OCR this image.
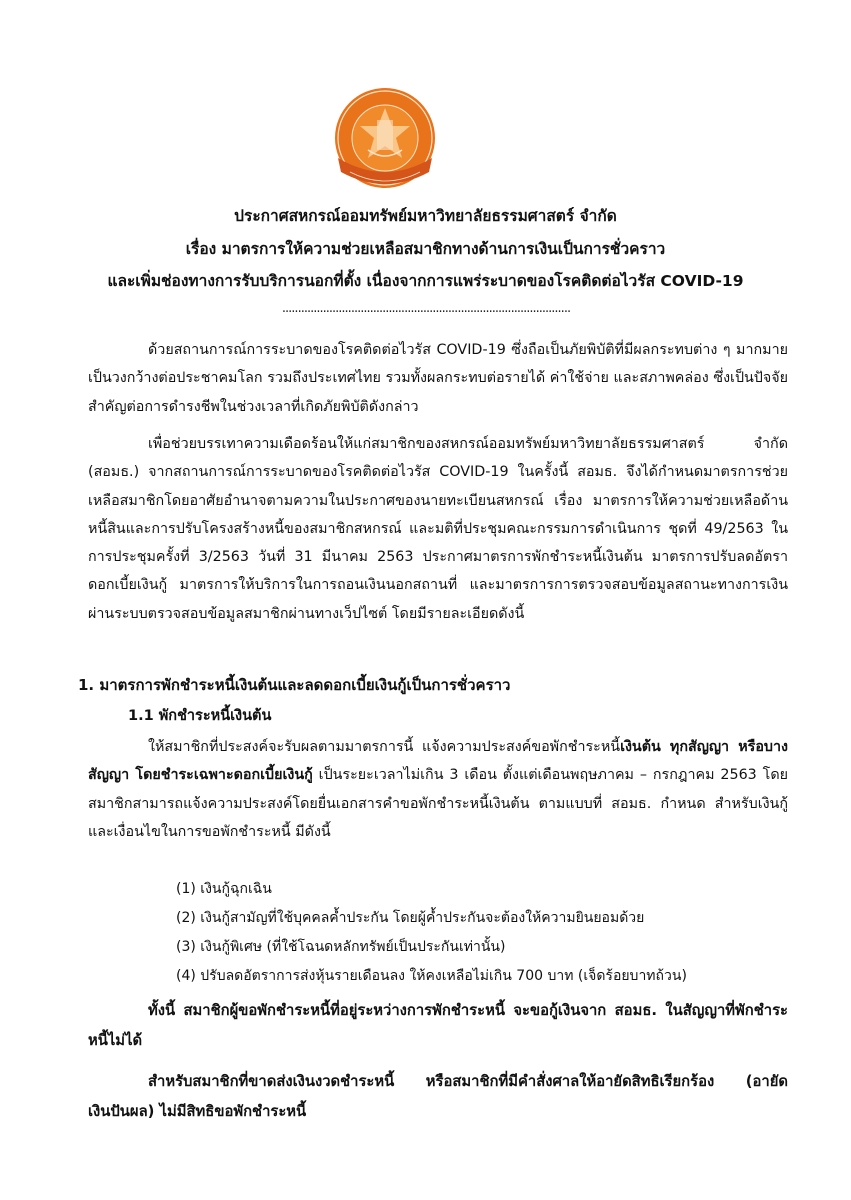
ประกาศสหกรณ์ออมทรัพย์มหาวิทยาลัยธรรมศาสตร์ จำกัด
เรื่อง มาตรการให้ความช่วยเหลือสมาชิกทางด้านการเงินเป็นการชั่วคราว
และเพิ่มช่องทางการรับบริการนอกที่ตั้ง เนื่องจากการแพร่ระบาดของโรคติดต่อไวรัส COVID-19
............................................................................................
ด้วยสถานการณ์การระบาดของโรคติดต่อไวรัส COVID-19 ซึ่งถือเป็นภัยพิบัติที่มีผลกระทบต่าง ๆ มากมายเป็นวงกว้างต่อประชาคมโลก รวมถึงประเทศไทย รวมทั้งผลกระทบต่อรายได้ ค่าใช้จ่าย และสภาพคล่อง ซึ่งเป็นปัจจัยสำคัญต่อการดำรงชีพในช่วงเวลาที่เกิดภัยพิบัติดังกล่าว
เพื่อช่วยบรรเทาความเดือดร้อนให้แก่สมาชิกของสหกรณ์ออมทรัพย์มหาวิทยาลัยธรรมศาสตร์ จำกัด (สอมธ.) จากสถานการณ์การระบาดของโรคติดต่อไวรัส COVID-19 ในครั้งนี้ สอมธ. จึงได้กำหนดมาตรการช่วยเหลือสมาชิกโดยอาศัยอำนาจตามความในประกาศของนายทะเบียนสหกรณ์ เรื่อง มาตรการให้ความช่วยเหลือด้านหนี้สินและการปรับโครงสร้างหนี้ของสมาชิกสหกรณ์ และมติที่ประชุมคณะกรรมการดำเนินการ ชุดที่ 49/2563 ในการประชุมครั้งที่ 3/2563 วันที่ 31 มีนาคม 2563 ประกาศมาตรการพักชำระหนี้เงินต้น มาตรการปรับลดอัตราดอกเบี้ยเงินกู้ มาตรการให้บริการในการถอนเงินนอกสถานที่ และมาตรการการตรวจสอบข้อมูลสถานะทางการเงินผ่านระบบตรวจสอบข้อมูลสมาชิกผ่านทางเว็ปไซต์ โดยมีรายละเอียดดังนี้
1. มาตรการพักชำระหนี้เงินต้นและลดดอกเบี้ยเงินกู้เป็นการชั่วคราว
1.1 พักชำระหนี้เงินต้น
ให้สมาชิกที่ประสงค์จะรับผลตามมาตรการนี้ แจ้งความประสงค์ขอพักชำระหนี้เงินต้น ทุกสัญญา หรือบางสัญญา โดยชำระเฉพาะดอกเบี้ยเงินกู้ เป็นระยะเวลาไม่เกิน 3 เดือน ตั้งแต่เดือนพฤษภาคม – กรกฎาคม 2563 โดยสมาชิกสามารถแจ้งความประสงค์โดยยื่นเอกสารคำขอพักชำระหนี้เงินต้น ตามแบบที่ สอมธ. กำหนด สำหรับเงินกู้และเงื่อนไขในการขอพักชำระหนี้ มีดังนี้
(1) เงินกู้ฉุกเฉิน
(2) เงินกู้สามัญที่ใช้บุคคลค้ำประกัน โดยผู้ค้ำประกันจะต้องให้ความยินยอมด้วย
(3) เงินกู้พิเศษ (ที่ใช้โฉนดหลักทรัพย์เป็นประกันเท่านั้น)
(4) ปรับลดอัตราการส่งหุ้นรายเดือนลง ให้คงเหลือไม่เกิน 700 บาท (เจ็ดร้อยบาทถ้วน)
ทั้งนี้ สมาชิกผู้ขอพักชำระหนี้ที่อยู่ระหว่างการพักชำระหนี้ จะขอกู้เงินจาก สอมธ. ในสัญญาที่พักชำระหนี้ไม่ได้
สำหรับสมาชิกที่ขาดส่งเงินงวดชำระหนี้ หรือสมาชิกที่มีคำสั่งศาลให้อายัดสิทธิเรียกร้อง (อายัดเงินปันผล) ไม่มีสิทธิขอพักชำระหนี้
